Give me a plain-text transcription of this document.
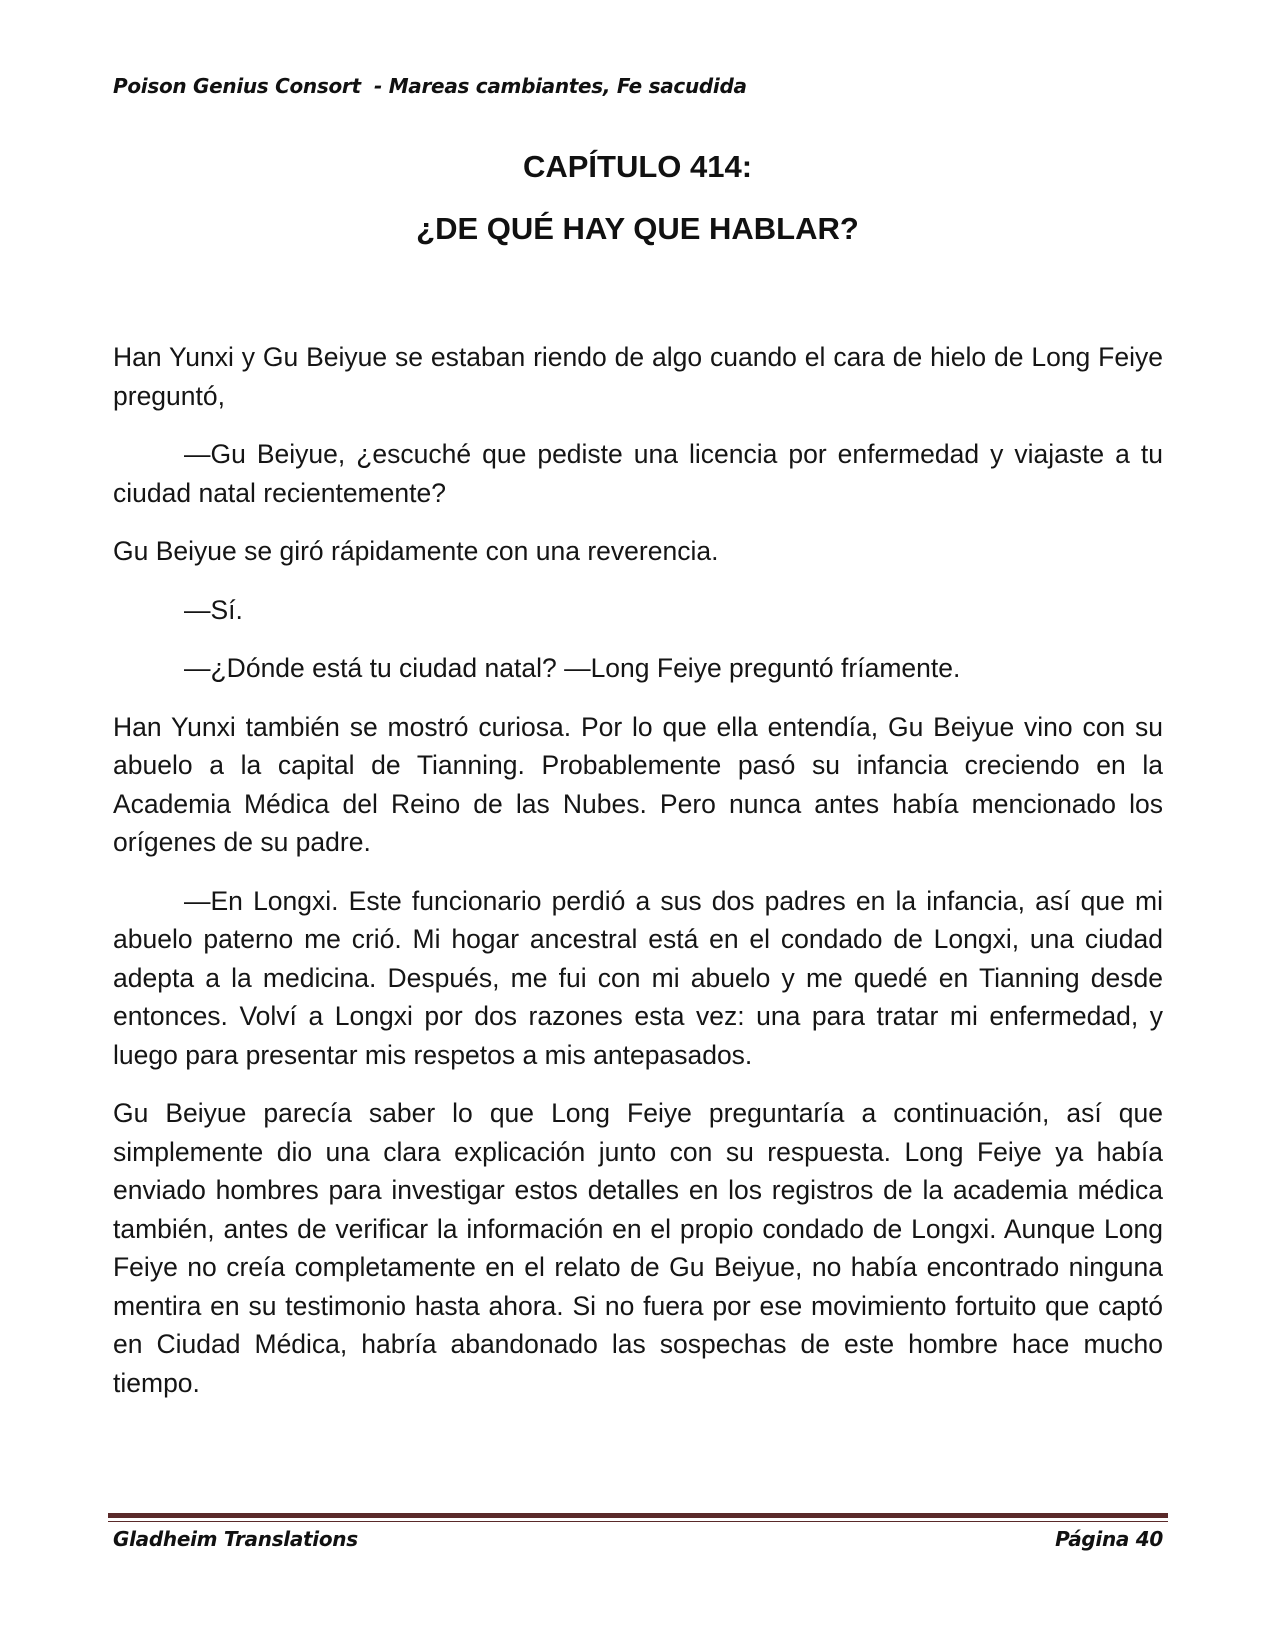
Poison Genius Consort  - Mareas cambiantes, Fe sacudida
CAPÍTULO 414:
¿DE QUÉ HAY QUE HABLAR?

Han Yunxi y Gu Beiyue se estaban riendo de algo cuando el cara de hielo de Long Feiye preguntó,

—Gu Beiyue, ¿escuché que pediste una licencia por enfermedad y viajaste a tu ciudad natal recientemente?

Gu Beiyue se giró rápidamente con una reverencia.

—Sí.

—¿Dónde está tu ciudad natal? —Long Feiye preguntó fríamente.

Han Yunxi también se mostró curiosa. Por lo que ella entendía, Gu Beiyue vino con su abuelo a la capital de Tianning. Probablemente pasó su infancia creciendo en la Academia Médica del Reino de las Nubes. Pero nunca antes había mencionado los orígenes de su padre.

—En Longxi. Este funcionario perdió a sus dos padres en la infancia, así que mi abuelo paterno me crió. Mi hogar ancestral está en el condado de Longxi, una ciudad adepta a la medicina. Después, me fui con mi abuelo y me quedé en Tianning desde entonces. Volví a Longxi por dos razones esta vez: una para tratar mi enfermedad, y luego para presentar mis respetos a mis antepasados.

Gu Beiyue parecía saber lo que Long Feiye preguntaría a continuación, así que simplemente dio una clara explicación junto con su respuesta. Long Feiye ya había enviado hombres para investigar estos detalles en los registros de la academia médica también, antes de verificar la información en el propio condado de Longxi. Aunque Long Feiye no creía completamente en el relato de Gu Beiyue, no había encontrado ninguna mentira en su testimonio hasta ahora. Si no fuera por ese movimiento fortuito que captó en Ciudad Médica, habría abandonado las sospechas de este hombre hace mucho tiempo.

Gladheim Translations	Página 40
